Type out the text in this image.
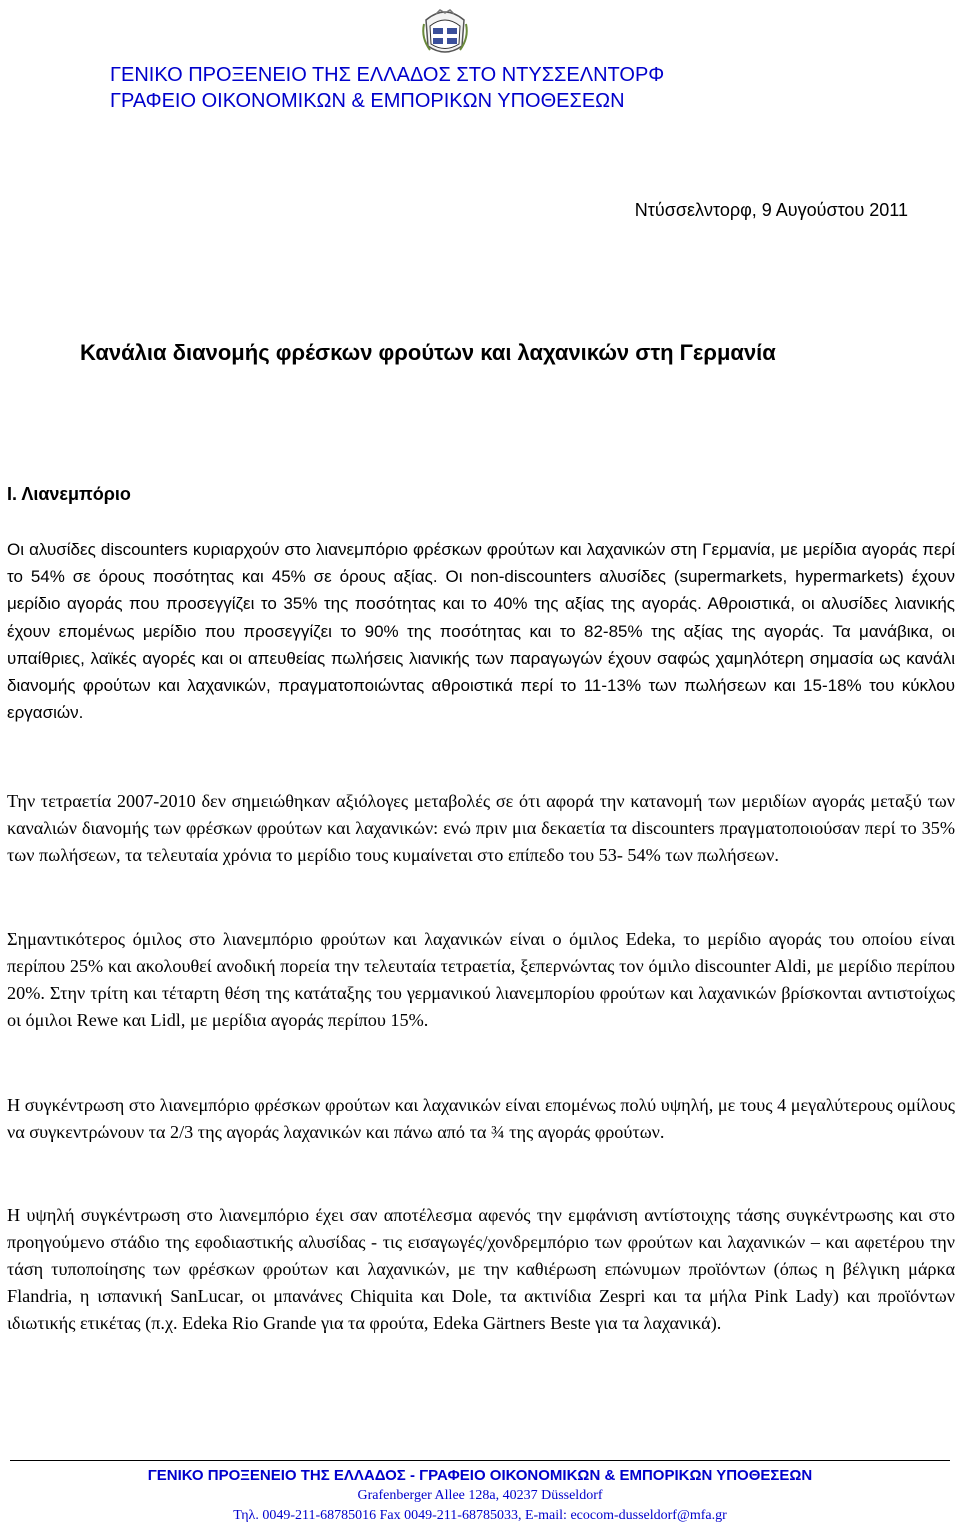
ΓΕΝΙΚΟ ΠΡΟΞΕΝΕΙΟ ΤΗΣ ΕΛΛΑΔΟΣ ΣΤΟ ΝΤΥΣΣΕΛΝΤΟΡΦ
ΓΡΑΦΕΙΟ ΟΙΚΟΝΟΜΙΚΩΝ & ΕΜΠΟΡΙΚΩΝ ΥΠΟΘΕΣΕΩΝ
Ντύσσελντορφ, 9 Αυγούστου 2011
Κανάλια διανομής φρέσκων φρούτων και λαχανικών στη Γερμανία
Ι. Λιανεμπόριο
Οι αλυσίδες discounters κυριαρχούν στο λιανεμπόριο φρέσκων φρούτων και λαχανικών στη Γερμανία, με μερίδια αγοράς περί το 54% σε όρους ποσότητας και 45% σε όρους αξίας. Οι non-discounters αλυσίδες (supermarkets, hypermarkets) έχουν μερίδιο αγοράς που προσεγγίζει το 35% της ποσότητας και το 40% της αξίας της αγοράς. Αθροιστικά, οι αλυσίδες λιανικής έχουν επομένως μερίδιο που προσεγγίζει το 90% της ποσότητας και το 82-85% της αξίας της αγοράς. Τα μανάβικα, οι υπαίθριες, λαϊκές αγορές και οι απευθείας πωλήσεις λιανικής των παραγωγών έχουν σαφώς χαμηλότερη σημασία ως κανάλι διανομής φρούτων και λαχανικών, πραγματοποιώντας αθροιστικά περί το 11-13% των πωλήσεων και 15-18% του κύκλου εργασιών.
Την τετραετία 2007-2010 δεν σημειώθηκαν αξιόλογες μεταβολές σε ότι αφορά την κατανομή των μεριδίων αγοράς μεταξύ των καναλιών διανομής των φρέσκων φρούτων και λαχανικών: ενώ πριν μια δεκαετία τα discounters πραγματοποιούσαν περί το 35% των πωλήσεων, τα τελευταία χρόνια το μερίδιο τους κυμαίνεται στο επίπεδο του 53- 54% των πωλήσεων.
Σημαντικότερος όμιλος στο λιανεμπόριο φρούτων και λαχανικών είναι ο όμιλος Edeka, το μερίδιο αγοράς του οποίου είναι περίπου 25% και ακολουθεί ανοδική πορεία την τελευταία τετραετία, ξεπερνώντας τον όμιλο discounter Aldi, με μερίδιο περίπου 20%. Στην τρίτη και τέταρτη θέση της κατάταξης του γερμανικού λιανεμπορίου φρούτων και λαχανικών βρίσκονται αντιστοίχως οι όμιλοι Rewe και Lidl, με μερίδια αγοράς περίπου 15%.
Η συγκέντρωση στο λιανεμπόριο φρέσκων φρούτων και λαχανικών είναι επομένως πολύ υψηλή, με τους 4 μεγαλύτερους ομίλους να συγκεντρώνουν τα 2/3 της αγοράς λαχανικών και πάνω από τα ¾ της αγοράς φρούτων.
Η υψηλή συγκέντρωση στο λιανεμπόριο έχει σαν αποτέλεσμα αφενός την εμφάνιση αντίστοιχης τάσης συγκέντρωσης και στο προηγούμενο στάδιο της εφοδιαστικής αλυσίδας - τις εισαγωγές/χονδρεμπόριο των φρούτων και λαχανικών – και αφετέρου την τάση τυποποίησης των φρέσκων φρούτων και λαχανικών, με την καθιέρωση επώνυμων προϊόντων (όπως η βέλγικη μάρκα Flandria, η ισπανική SanLucar, οι μπανάνες Chiquita και Dole, τα ακτινίδια Zespri και τα μήλα Pink Lady) και προϊόντων ιδιωτικής ετικέτας (π.χ. Edeka Rio Grande για τα φρούτα, Edeka Gärtners Beste για τα λαχανικά).
ΓΕΝΙΚΟ ΠΡΟΞΕΝΕΙΟ ΤΗΣ ΕΛΛΑΔΟΣ - ΓΡΑΦΕΙΟ ΟΙΚΟΝΟΜΙΚΩΝ & ΕΜΠΟΡΙΚΩΝ ΥΠΟΘΕΣΕΩΝ
Grafenberger Allee 128a, 40237 Düsseldorf
Τηλ. 0049-211-68785016 Fax 0049-211-68785033, E-mail: ecocom-dusseldorf@mfa.gr
